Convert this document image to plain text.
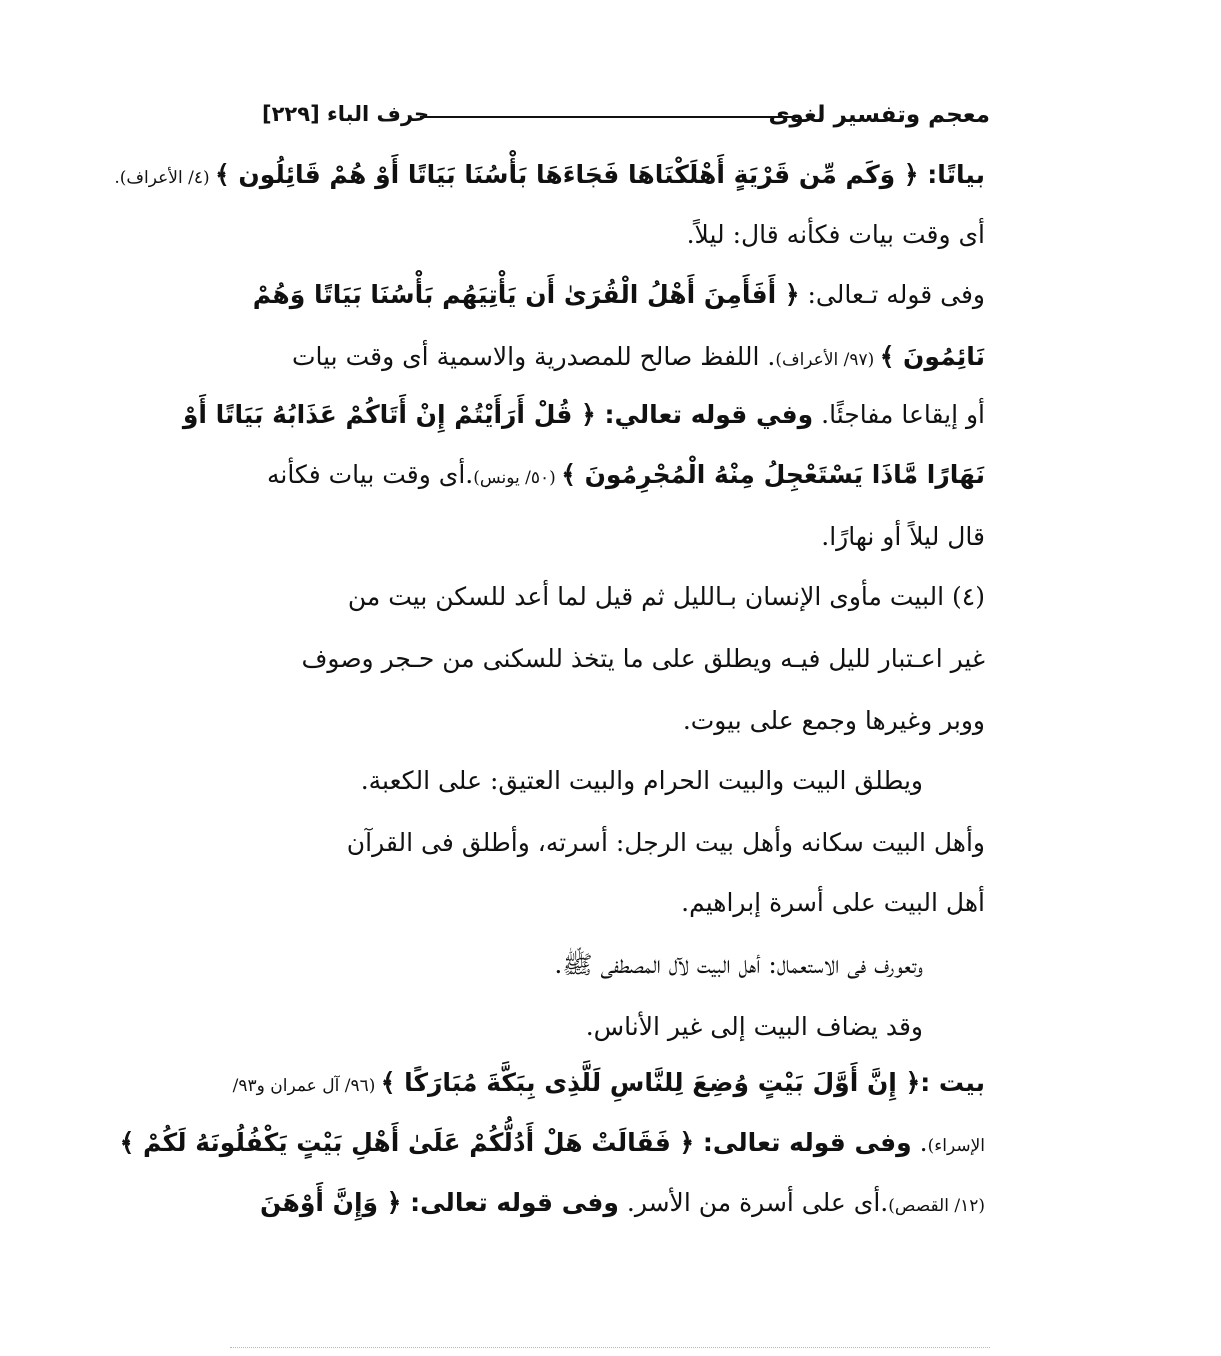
معجم وتفسير لغوى
حرف الباء [٢٢٩]
بياتًا: ﴿ وَكَم مِّن قَرْيَةٍ أَهْلَكْنَاهَا فَجَاءَهَا بَأْسُنَا بَيَاتًا أَوْ هُمْ قَائِلُون ﴾ (٤/ الأعراف).
أى وقت بيات فكأنه قال: ليلاً.
وفى قوله تـعالى: ﴿ أَفَأَمِنَ أَهْلُ الْقُرَىٰ أَن يَأْتِيَهُم بَأْسُنَا بَيَاتًا وَهُمْ
نَائِمُونَ ﴾ (٩٧/ الأعراف). اللفظ صالح للمصدرية والاسمية أى وقت بيات
أو إيقاعا مفاجئًا. وفي قوله تعالي: ﴿ قُلْ أَرَأَيْتُمْ إِنْ أَتَاكُمْ عَذَابُهُ بَيَاتًا أَوْ
نَهَارًا مَّاذَا يَسْتَعْجِلُ مِنْهُ الْمُجْرِمُونَ ﴾ (٥٠/ يونس).أى وقت بيات فكأنه
قال ليلاً أو نهارًا.
(٤) البيت مأوى الإنسان بـالليل ثم قيل لما أعد للسكن بيت من
غير اعـتبار لليل فيـه ويطلق على ما يتخذ للسكنى من حـجر وصوف
ووبر وغيرها وجمع على بيوت.
ويطلق البيت والبيت الحرام والبيت العتيق: على الكعبة.
وأهل البيت سكانه وأهل بيت الرجل: أسرته، وأطلق فى القرآن
أهل البيت على أسرة إبراهيم.
وتعورف فى الاستعمال: أهل البيت لآل المصطفى ﷺ.
وقد يضاف البيت إلى غير الأناس.
بيت :﴿ إِنَّ أَوَّلَ بَيْتٍ وُضِعَ لِلنَّاسِ لَلَّذِى بِبَكَّةَ مُبَارَكًا ﴾ (٩٦/ آل عمران و٩٣/
الإسراء). وفى قوله تعالى: ﴿ فَقَالَتْ هَلْ أَدُلُّكُمْ عَلَىٰ أَهْلِ بَيْتٍ يَكْفُلُونَهُ لَكُمْ ﴾
(١٢/ القصص).أى على أسرة من الأسر. وفى قوله تعالى: ﴿ وَإِنَّ أَوْهَنَ
